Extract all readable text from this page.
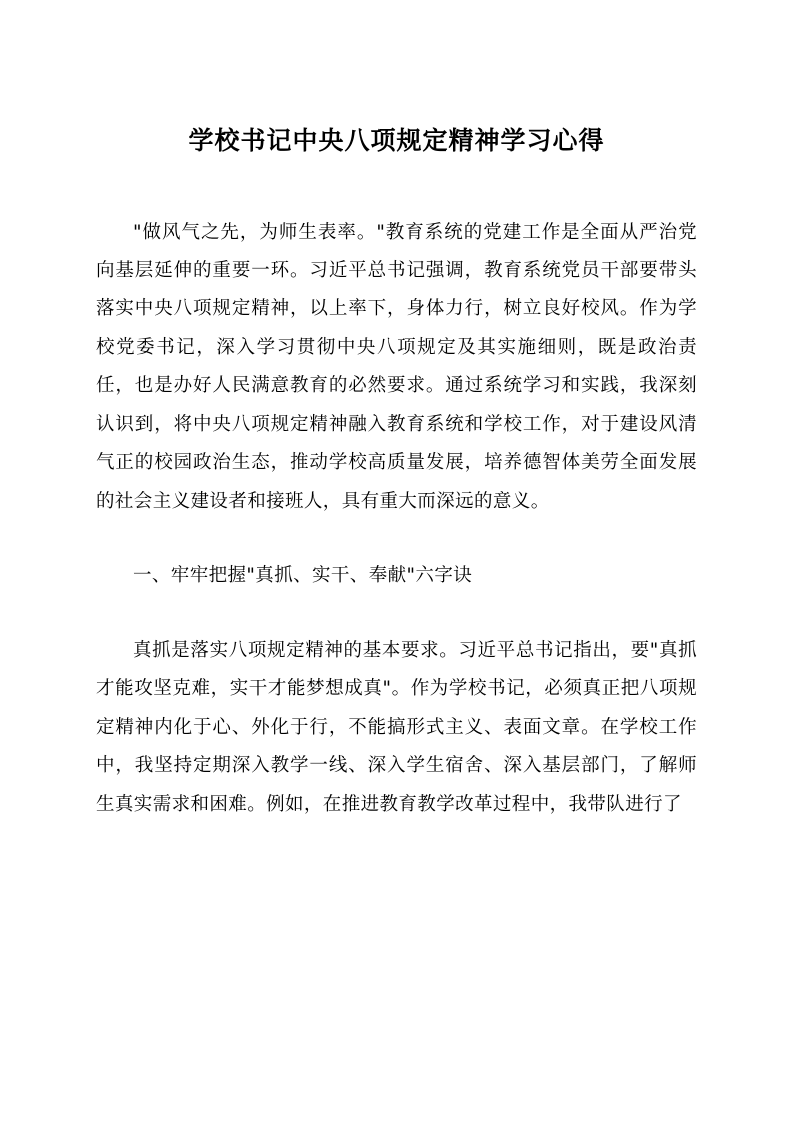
学校书记中央八项规定精神学习心得

"做风气之先，为师生表率。"教育系统的党建工作是全面从严治党向基层延伸的重要一环。习近平总书记强调，教育系统党员干部要带头落实中央八项规定精神，以上率下，身体力行，树立良好校风。作为学校党委书记，深入学习贯彻中央八项规定及其实施细则，既是政治责任，也是办好人民满意教育的必然要求。通过系统学习和实践，我深刻认识到，将中央八项规定精神融入教育系统和学校工作，对于建设风清气正的校园政治生态，推动学校高质量发展，培养德智体美劳全面发展的社会主义建设者和接班人，具有重大而深远的意义。

一、牢牢把握"真抓、实干、奉献"六字诀

真抓是落实八项规定精神的基本要求。习近平总书记指出，要"真抓才能攻坚克难，实干才能梦想成真"。作为学校书记，必须真正把八项规定精神内化于心、外化于行，不能搞形式主义、表面文章。在学校工作中，我坚持定期深入教学一线、深入学生宿舍、深入基层部门，了解师生真实需求和困难。例如，在推进教育教学改革过程中，我带队进行了
